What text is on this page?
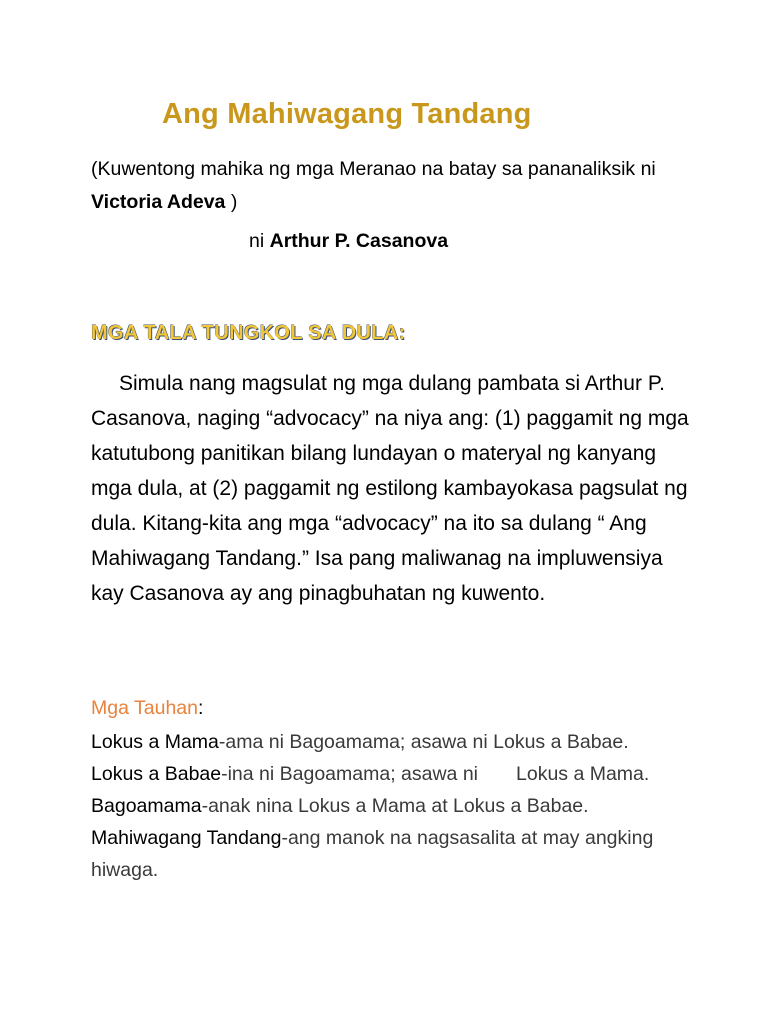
Ang Mahiwagang Tandang
(Kuwentong mahika ng mga Meranao na batay sa pananaliksik ni Victoria Adeva )
ni Arthur P. Casanova
MGA TALA TUNGKOL SA DULA:
Simula nang magsulat ng mga dulang pambata si Arthur P. Casanova, naging “advocacy” na niya ang: (1) paggamit ng mga katutubong panitikan bilang lundayan o materyal ng kanyang mga dula, at (2) paggamit ng estilong kambayokasa pagsulat ng dula. Kitang-kita ang mga “advocacy” na ito sa dulang “ Ang Mahiwagang Tandang.” Isa pang maliwanag na impluwensiya kay Casanova ay ang pinagbuhatan ng kuwento.
Mga Tauhan:
Lokus a Mama-ama ni Bagoamama; asawa ni Lokus a Babae.
Lokus a Babae-ina ni Bagoamama; asawa ni Lokus a Mama.
Bagoamama-anak nina Lokus a Mama at Lokus a Babae.
Mahiwagang Tandang-ang manok na nagsasalita at may angking hiwaga.
